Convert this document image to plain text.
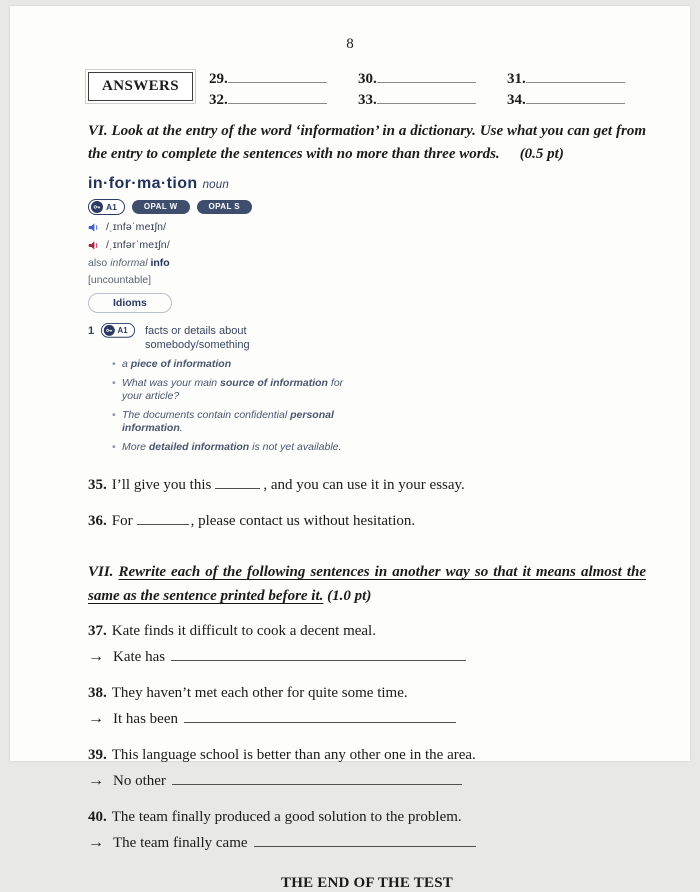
8
ANSWERS	29.	30.	31.
32.	33.	34.

VI. Look at the entry of the word ‘information’ in a dictionary. Use what you can get from the entry to complete the sentences with no more than three words. (0.5 pt)

in·for·ma·tion noun
A1	OPAL W	OPAL S
/ˌɪnfəˈmeɪʃn/
/ˌɪnfərˈmeɪʃn/
also informal info
[uncountable]
Idioms
1	A1 facts or details about somebody/something
• a piece of information
• What was your main source of information for your article?
• The documents contain confidential personal information.
• More detailed information is not yet available.

35. I’ll give you this	, and you can use it in your essay.

36. For	, please contact us without hesitation.

VII. Rewrite each of the following sentences in another way so that it means almost the same as the sentence printed before it. (1.0 pt)

37. Kate finds it difficult to cook a decent meal.

→ Kate has

38. They haven’t met each other for quite some time.

→ It has been

39. This language school is better than any other one in the area.

→ No other

40. The team finally produced a good solution to the problem.

→ The team finally came

THE END OF THE TEST
